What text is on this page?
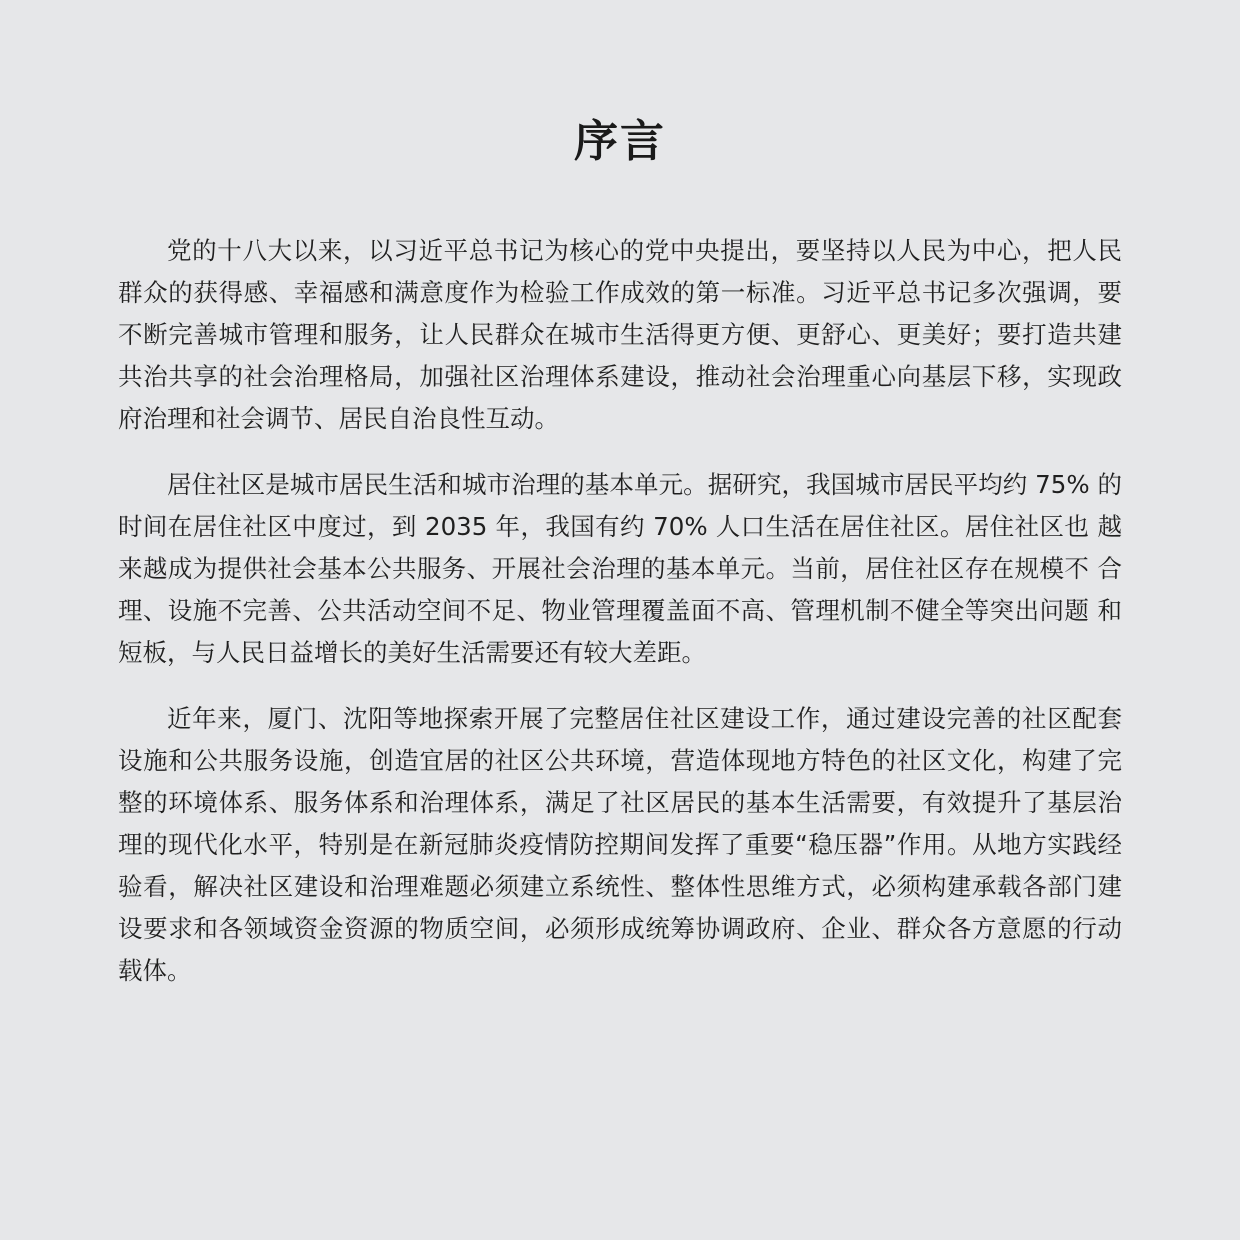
序言

党的十八大以来，以习近平总书记为核心的党中央提出，要坚持以人民为中心，把人民群众的获得感、幸福感和满意度作为检验工作成效的第一标准。习近平总书记多次强调，要不断完善城市管理和服务，让人民群众在城市生活得更方便、更舒心、更美好；要打造共建共治共享的社会治理格局，加强社区治理体系建设，推动社会治理重心向基层下移，实现政府治理和社会调节、居民自治良性互动。

居住社区是城市居民生活和城市治理的基本单元。据研究，我国城市居民平均约 75% 的时间在居住社区中度过，到 2035 年，我国有约 70% 人口生活在居住社区。居住社区也 越来越成为提供社会基本公共服务、开展社会治理的基本单元。当前，居住社区存在规模不 合理、设施不完善、公共活动空间不足、物业管理覆盖面不高、管理机制不健全等突出问题 和短板，与人民日益增长的美好生活需要还有较大差距。

近年来，厦门、沈阳等地探索开展了完整居住社区建设工作，通过建设完善的社区配套设施和公共服务设施，创造宜居的社区公共环境，营造体现地方特色的社区文化，构建了完整的环境体系、服务体系和治理体系，满足了社区居民的基本生活需要，有效提升了基层治理的现代化水平，特别是在新冠肺炎疫情防控期间发挥了重要“稳压器”作用。从地方实践经验看，解决社区建设和治理难题必须建立系统性、整体性思维方式，必须构建承载各部门建设要求和各领域资金资源的物质空间，必须形成统筹协调政府、企业、群众各方意愿的行动载体。
